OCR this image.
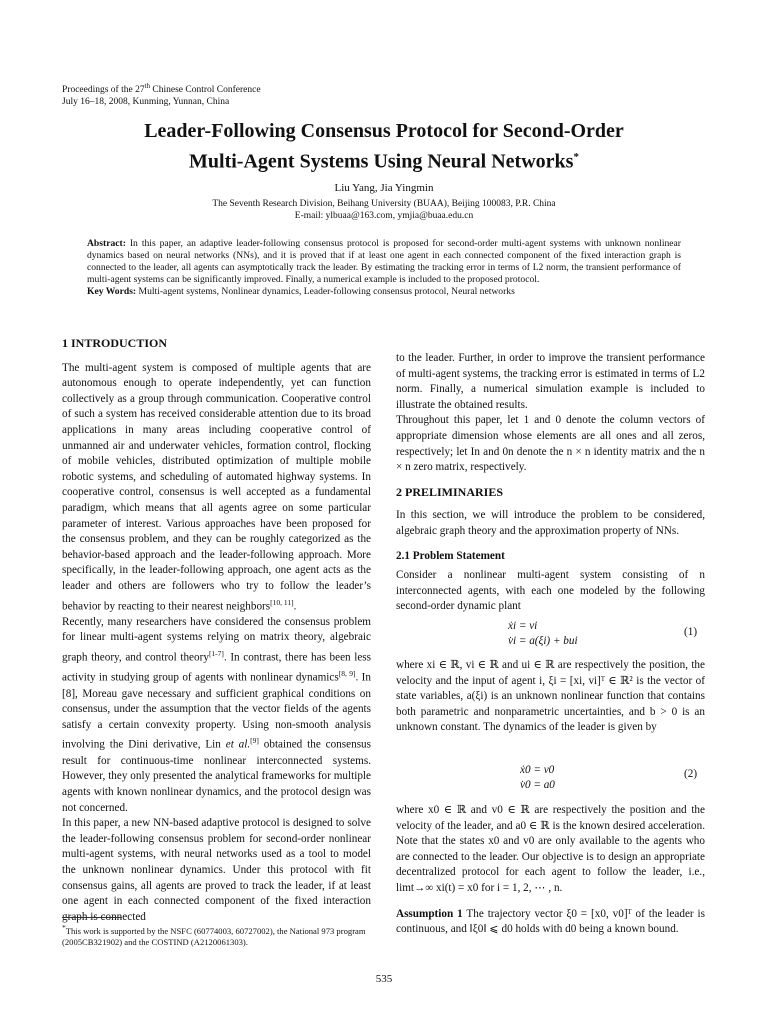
Proceedings of the 27th Chinese Control Conference
July 16–18, 2008, Kunming, Yunnan, China
Leader-Following Consensus Protocol for Second-Order
Multi-Agent Systems Using Neural Networks*
Liu Yang, Jia Yingmin
The Seventh Research Division, Beihang University (BUAA), Beijing 100083, P.R. China
E-mail: ylbuaa@163.com, ymjia@buaa.edu.cn

Abstract: In this paper, an adaptive leader-following consensus protocol is proposed for second-order multi-agent systems with unknown nonlinear dynamics based on neural networks (NNs), and it is proved that if at least one agent in each connected component of the fixed interaction graph is connected to the leader, all agents can asymptotically track the leader. By estimating the tracking error in terms of L2 norm, the transient performance of multi-agent systems can be significantly improved. Finally, a numerical example is included to the proposed protocol.

Key Words: Multi-agent systems, Nonlinear dynamics, Leader-following consensus protocol, Neural networks

1 INTRODUCTION

The multi-agent system is composed of multiple agents that are autonomous enough to operate independently, yet can function collectively as a group through communication. Cooperative control of such a system has received considerable attention due to its broad applications in many areas including cooperative control of unmanned air and underwater vehicles, formation control, flocking of mobile vehicles, distributed optimization of multiple mobile robotic systems, and scheduling of automated highway systems. In cooperative control, consensus is well accepted as a fundamental paradigm, which means that all agents agree on some particular parameter of interest. Various approaches have been proposed for the consensus problem, and they can be roughly categorized as the behavior-based approach and the leader-following approach. More specifically, in the leader-following approach, one agent acts as the leader and others are followers who try to follow the leader’s behavior by reacting to their nearest neighbors[10, 11].

Recently, many researchers have considered the consensus problem for linear multi-agent systems relying on matrix theory, algebraic graph theory, and control theory[1-7]. In contrast, there has been less activity in studying group of agents with nonlinear dynamics[8, 9]. In [8], Moreau gave necessary and sufficient graphical conditions on consensus, under the assumption that the vector fields of the agents satisfy a certain convexity property. Using non-smooth analysis involving the Dini derivative, Lin et al.[9] obtained the consensus result for continuous-time nonlinear interconnected systems. However, they only presented the analytical frameworks for multiple agents with known nonlinear dynamics, and the protocol design was not concerned.

In this paper, a new NN-based adaptive protocol is designed to solve the leader-following consensus problem for second-order nonlinear multi-agent systems, with neural networks used as a tool to model the unknown nonlinear dynamics. Under this protocol with fit consensus gains, all agents are proved to track the leader, if at least one agent in each connected component of the fixed interaction graph is connected

*This work is supported by the NSFC (60774003, 60727002), the National 973 program (2005CB321902) and the COSTIND (A2120061303).

to the leader. Further, in order to improve the transient performance of multi-agent systems, the tracking error is estimated in terms of L2 norm. Finally, a numerical simulation example is included to illustrate the obtained results.

Throughout this paper, let 1 and 0 denote the column vectors of appropriate dimension whose elements are all ones and all zeros, respectively; let In and 0n denote the n × n identity matrix and the n × n zero matrix, respectively.

2 PRELIMINARIES

In this section, we will introduce the problem to be considered, algebraic graph theory and the approximation property of NNs.

2.1 Problem Statement

Consider a nonlinear multi-agent system consisting of n interconnected agents, with each one modeled by the following second-order dynamic plant

ẋi = vi
v̇i = a(ξi) + bui
(1)

where xi ∈ ℝ, vi ∈ ℝ and ui ∈ ℝ are respectively the position, the velocity and the input of agent i, ξi = [xi, vi]ᵀ ∈ ℝ² is the vector of state variables, a(ξi) is an unknown nonlinear function that contains both parametric and nonparametric uncertainties, and b > 0 is an unknown constant. The dynamics of the leader is given by

ẋ0 = v0
v̇0 = a0
(2)

where x0 ∈ ℝ and v0 ∈ ℝ are respectively the position and the velocity of the leader, and a0 ∈ ℝ is the known desired acceleration. Note that the states x0 and v0 are only available to the agents who are connected to the leader. Our objective is to design an appropriate decentralized protocol for each agent to follow the leader, i.e., limt→∞ xi(t) = x0 for i = 1, 2, ⋯ , n.

Assumption 1 The trajectory vector ξ0 = [x0, v0]ᵀ of the leader is continuous, and ‖ξ0‖ ⩽ d0 holds with d0 being a known bound.

535
